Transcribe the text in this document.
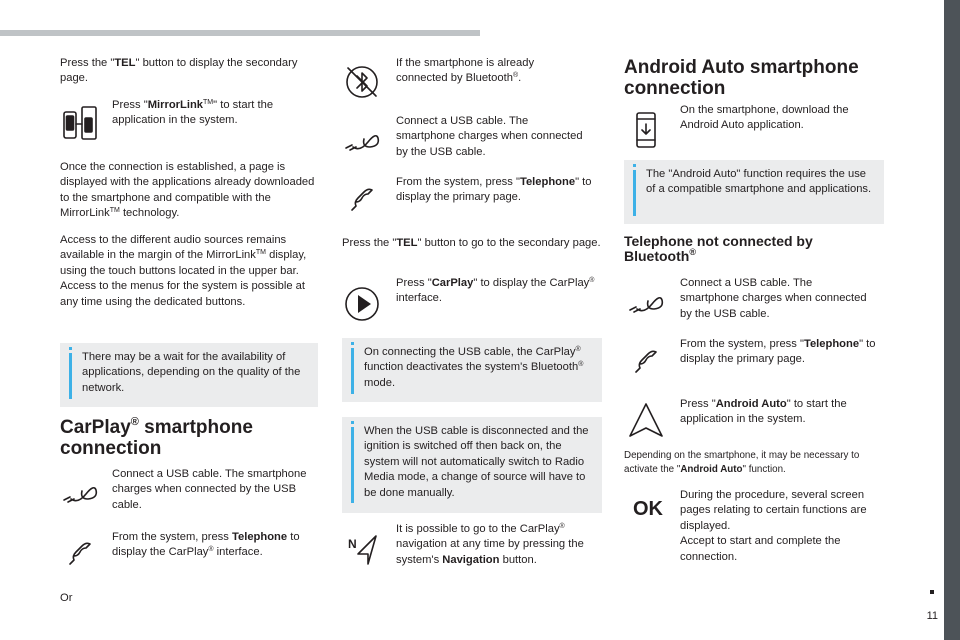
Press the "TEL" button to display the secondary page.
Press "MirrorLink™" to start the application in the system.
Once the connection is established, a page is displayed with the applications already downloaded to the smartphone and compatible with the MirrorLink™ technology.
Access to the different audio sources remains available in the margin of the MirrorLink™ display, using the touch buttons located in the upper bar.
Access to the menus for the system is possible at any time using the dedicated buttons.
There may be a wait for the availability of applications, depending on the quality of the network.
CarPlay® smartphone connection
Connect a USB cable. The smartphone charges when connected by the USB cable.
From the system, press Telephone to display the CarPlay® interface.
Or
If the smartphone is already connected by Bluetooth®.
Connect a USB cable. The smartphone charges when connected by the USB cable.
From the system, press "Telephone" to display the primary page.
Press the "TEL" button to go to the secondary page.
Press "CarPlay" to display the CarPlay® interface.
On connecting the USB cable, the CarPlay® function deactivates the system's Bluetooth® mode.
When the USB cable is disconnected and the ignition is switched off then back on, the system will not automatically switch to Radio Media mode, a change of source will have to be done manually.
N
It is possible to go to the CarPlay® navigation at any time by pressing the system's Navigation button.
Android Auto smartphone connection
On the smartphone, download the Android Auto application.
The "Android Auto" function requires the use of a compatible smartphone and applications.
Telephone not connected by Bluetooth®
Connect a USB cable. The smartphone charges when connected by the USB cable.
From the system, press "Telephone" to display the primary page.
Press "Android Auto" to start the application in the system.
Depending on the smartphone, it may be necessary to activate the "Android Auto" function.
OK
During the procedure, several screen pages relating to certain functions are displayed.
Accept to start and complete the connection.
11
